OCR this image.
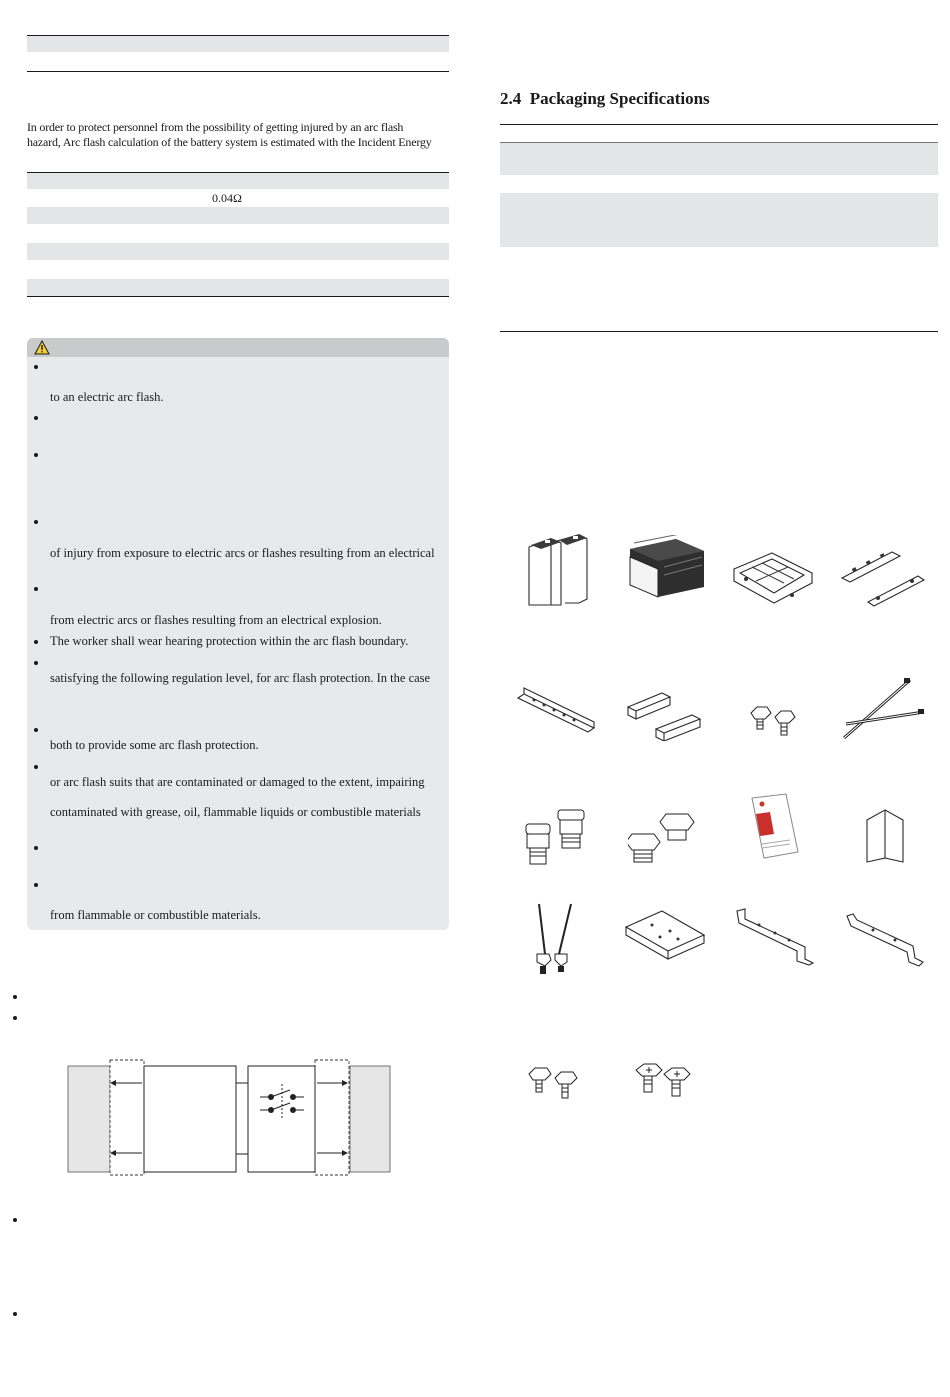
In order to protect personnel from the possibility of getting injured by an arc flash
hazard, Arc flash calculation of the battery system is estimated with the Incident Energy
0.04Ω
to an electric arc flash.
of injury from exposure to electric arcs or flashes resulting from an electrical
from electric arcs or flashes resulting from an electrical explosion.
The worker shall wear hearing protection within the arc flash boundary.
satisfying the following regulation level, for arc flash protection. In the case
both to provide some arc flash protection.
or arc flash suits that are contaminated or damaged to the extent, impairing
contaminated with grease, oil, flammable liquids or combustible materials
from flammable or combustible materials.
2.4 Packaging Specifications
